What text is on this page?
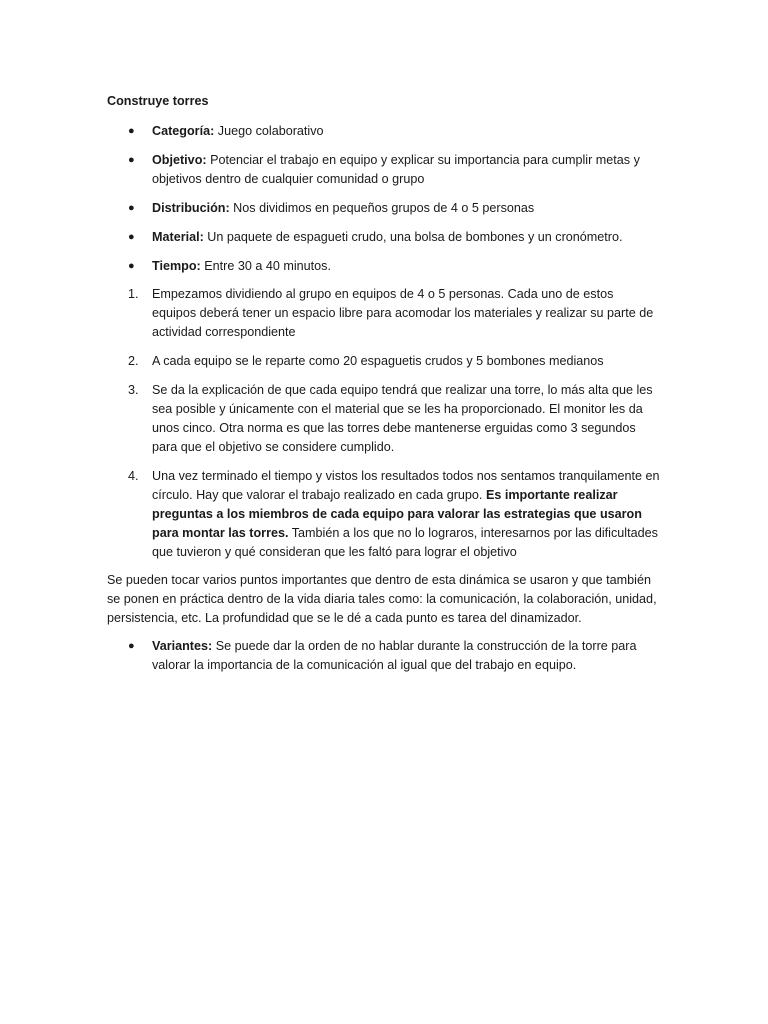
Construye torres
● Categoría: Juego colaborativo
● Objetivo: Potenciar el trabajo en equipo y explicar su importancia para cumplir metas y objetivos dentro de cualquier comunidad o grupo
● Distribución: Nos dividimos en pequeños grupos de 4 o 5 personas
● Material: Un paquete de espagueti crudo, una bolsa de bombones y un cronómetro.
● Tiempo: Entre 30 a 40 minutos.
1. Empezamos dividiendo al grupo en equipos de 4 o 5 personas. Cada uno de estos equipos deberá tener un espacio libre para acomodar los materiales y realizar su parte de actividad correspondiente
2. A cada equipo se le reparte como 20 espaguetis crudos y 5 bombones medianos
3. Se da la explicación de que cada equipo tendrá que realizar una torre, lo más alta que les sea posible y únicamente con el material que se les ha proporcionado. El monitor les da unos cinco. Otra norma es que las torres debe mantenerse erguidas como 3 segundos para que el objetivo se considere cumplido.
4. Una vez terminado el tiempo y vistos los resultados todos nos sentamos tranquilamente en círculo. Hay que valorar el trabajo realizado en cada grupo. Es importante realizar preguntas a los miembros de cada equipo para valorar las estrategias que usaron para montar las torres. También a los que no lo lograros, interesarnos por las dificultades que tuvieron y qué consideran que les faltó para lograr el objetivo

Se pueden tocar varios puntos importantes que dentro de esta dinámica se usaron y que también se ponen en práctica dentro de la vida diaria tales como: la comunicación, la colaboración, unidad, persistencia, etc. La profundidad que se le dé a cada punto es tarea del dinamizador.

● Variantes: Se puede dar la orden de no hablar durante la construcción de la torre para valorar la importancia de la comunicación al igual que del trabajo en equipo.
